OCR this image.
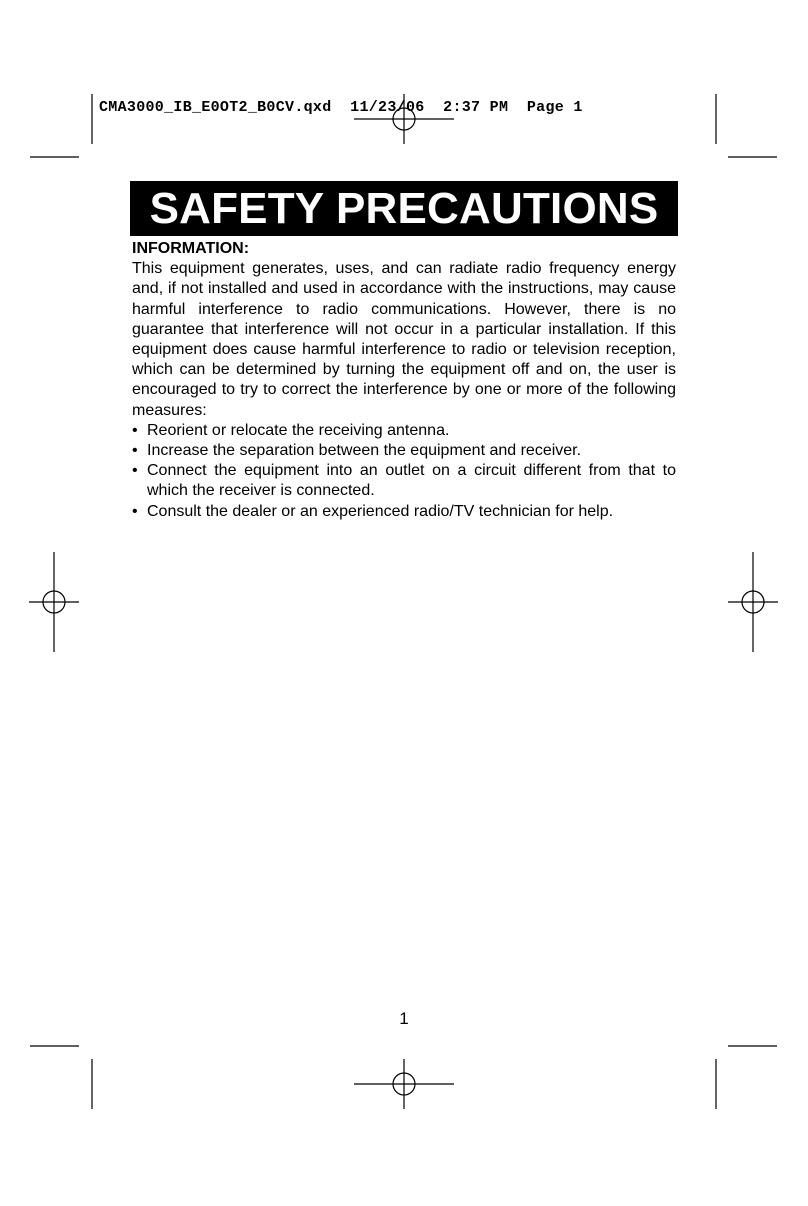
CMA3000_IB_E0OT2_B0CV.qxd  11/23/06  2:37 PM  Page 1
SAFETY PRECAUTIONS

INFORMATION:

This equipment generates, uses, and can radiate radio frequency energy and, if not installed and used in accordance with the instructions, may cause harmful interference to radio communications. However, there is no guarantee that interference will not occur in a particular installation. If this equipment does cause harmful interference to radio or television reception, which can be determined by turning the equipment off and on, the user is encouraged to try to correct the interference by one or more of the following measures:

• Reorient or relocate the receiving antenna.
• Increase the separation between the equipment and receiver.
• Connect the equipment into an outlet on a circuit different from that to which the receiver is connected.
• Consult the dealer or an experienced radio/TV technician for help.
1
